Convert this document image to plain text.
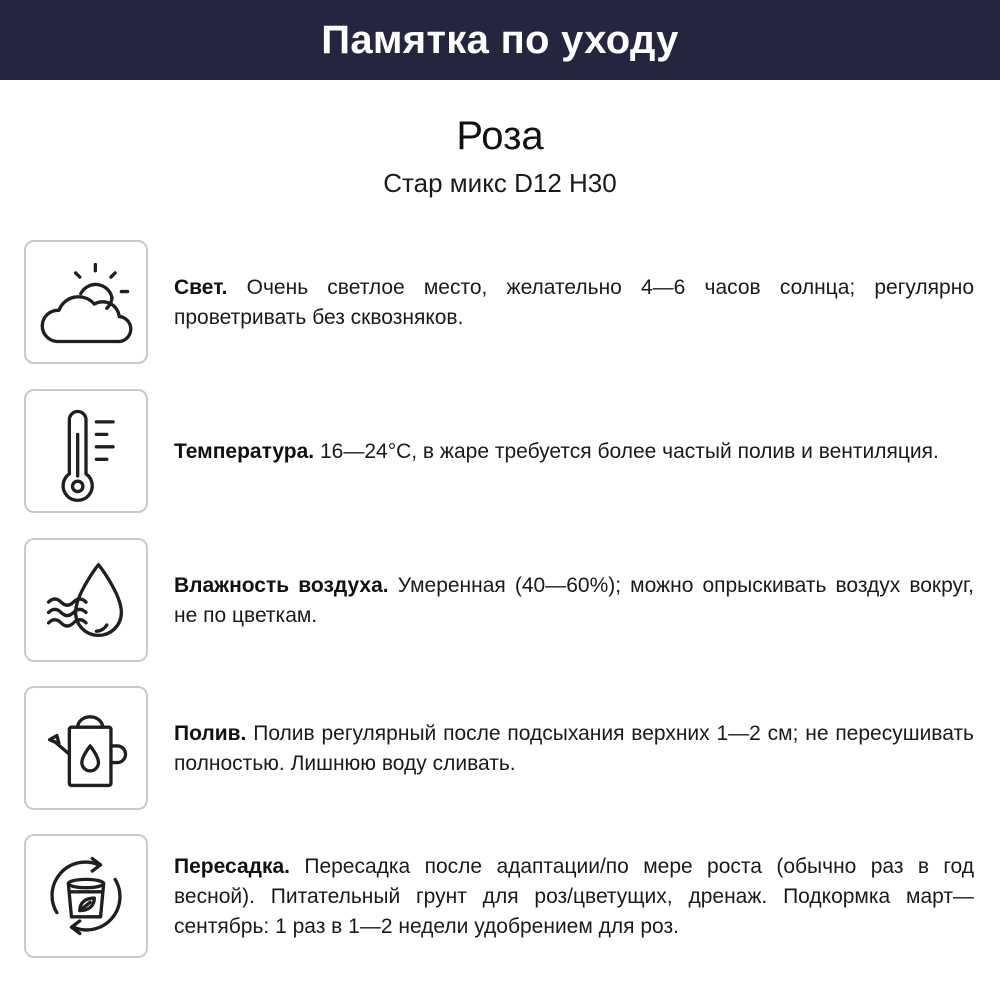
Памятка по уходу
Роза
Стар микс D12 H30
Свет. Очень светлое место, желательно 4—6 часов солнца; регулярно проветривать без сквозняков.
Температура. 16—24°C, в жаре требуется более частый полив и вентиляция.
Влажность воздуха. Умеренная (40—60%); можно опрыскивать воздух вокруг, не по цветкам.
Полив. Полив регулярный после подсыхания верхних 1—2 см; не пересушивать полностью. Лишнюю воду сливать.
Пересадка. Пересадка после адаптации/по мере роста (обычно раз в год весной). Питательный грунт для роз/цветущих, дренаж. Подкормка март—сентябрь: 1 раз в 1—2 недели удобрением для роз.
